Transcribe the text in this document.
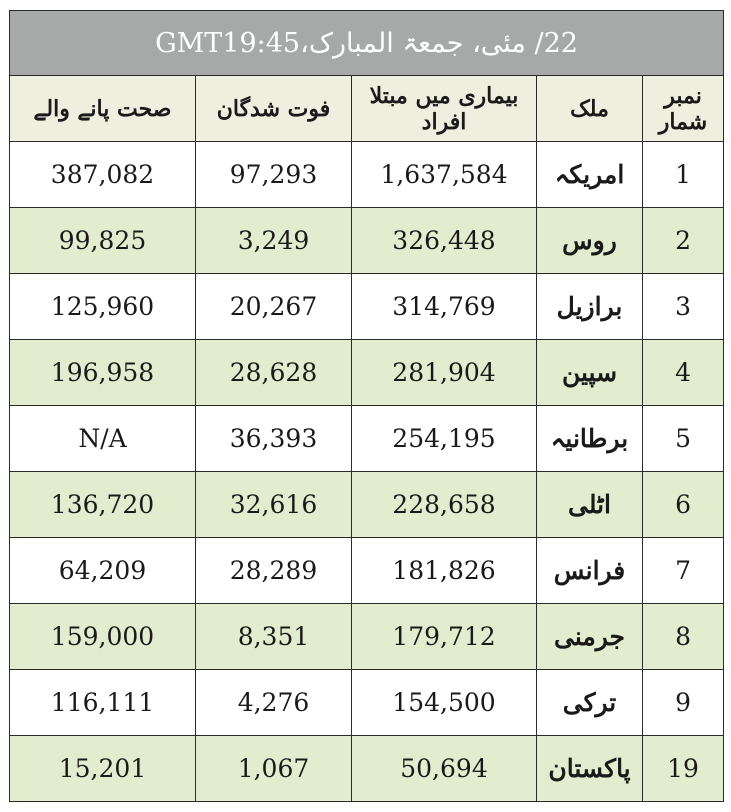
22/ مئی، جمعۃ المبارک،GMT19:45				
صحت پانے والے	فوت شدگان	بیماری میں مبتلا افراد	ملک	نمبر شمار
387,082	97,293	1,637,584	امریکہ	1
99,825	3,249	326,448	روس	2
125,960	20,267	314,769	برازیل	3
196,958	28,628	281,904	سپین	4
N/A	36,393	254,195	برطانیہ	5
136,720	32,616	228,658	اٹلی	6
64,209	28,289	181,826	فرانس	7
159,000	8,351	179,712	جرمنی	8
116,111	4,276	154,500	ترکی	9
15,201	1,067	50,694	پاکستان	19
